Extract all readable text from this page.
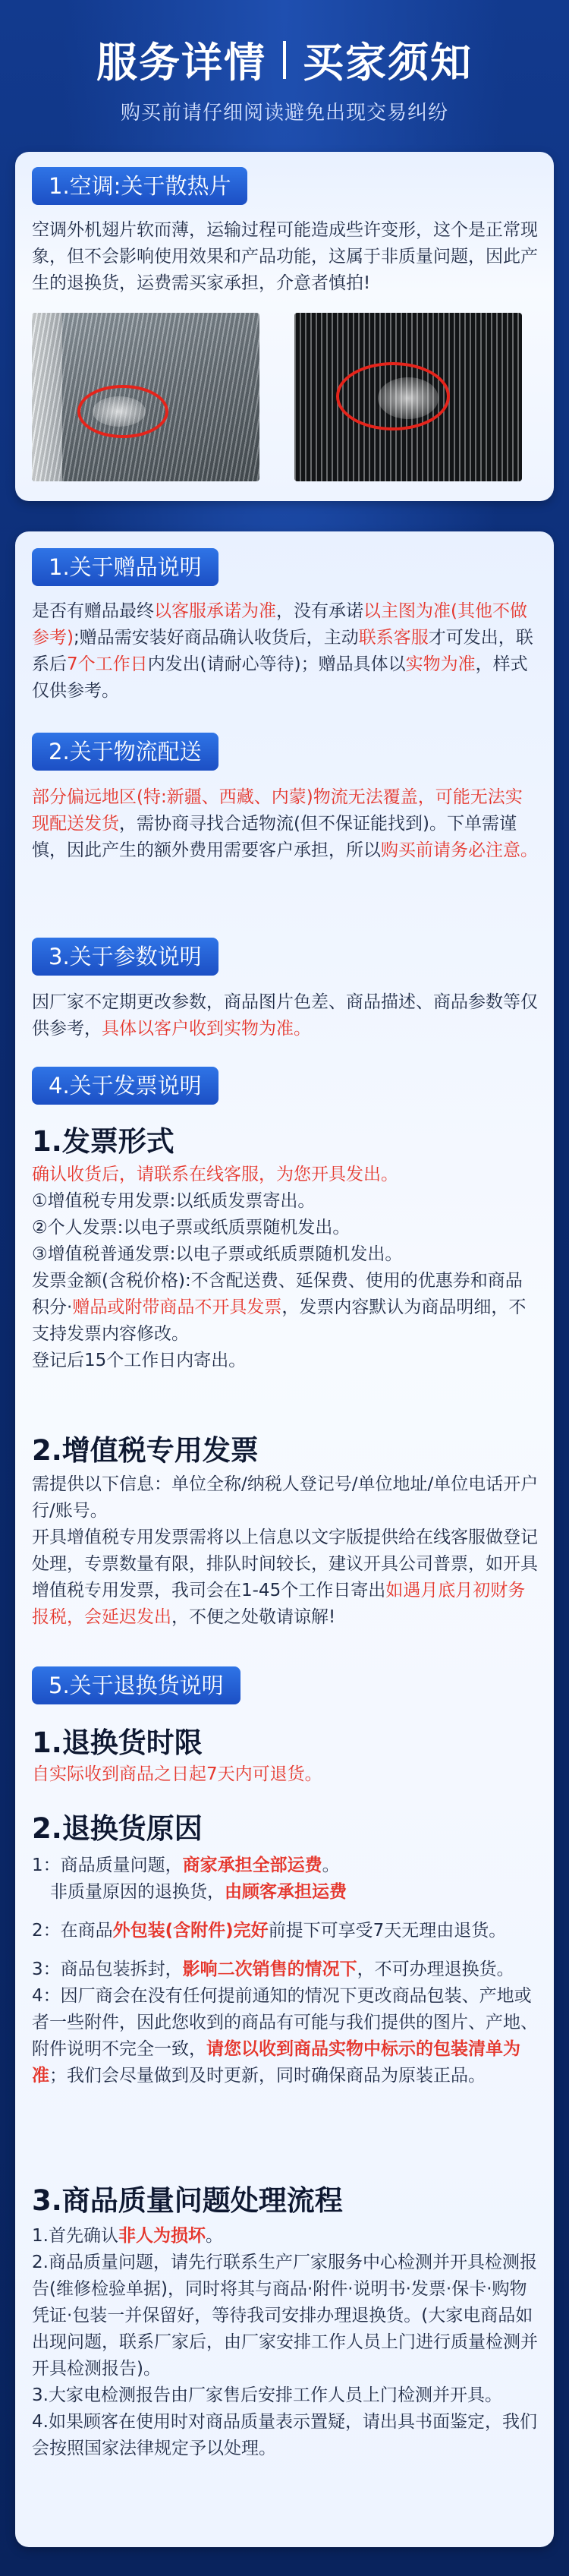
服务详情 买家须知
购买前请仔细阅读避免出现交易纠纷
1.空调:关于散热片
空调外机翅片软而薄，运输过程可能造成些许变形，这个是正常现象，但不会影响使用效果和产品功能，这属于非质量问题，因此产生的退换货，运费需买家承担，介意者慎拍!
1.关于赠品说明
是否有赠品最终以客服承诺为准，没有承诺以主图为准(其他不做参考);赠品需安装好商品确认收货后，主动联系客服才可发出，联系后7个工作日内发出(请耐心等待)；赠品具体以实物为准，样式仅供参考。
2.关于物流配送
部分偏远地区(特:新疆、西藏、内蒙)物流无法覆盖，可能无法实现配送发货，需协商寻找合适物流(但不保证能找到)。下单需谨慎，因此产生的额外费用需要客户承担，所以购买前请务必注意。
3.关于参数说明
因厂家不定期更改参数，商品图片色差、商品描述、商品参数等仅供参考，具体以客户收到实物为准。
4.关于发票说明
1.发票形式
确认收货后，请联系在线客服，为您开具发出。
①增值税专用发票:以纸质发票寄出。
②个人发票:以电子票或纸质票随机发出。
③增值税普通发票:以电子票或纸质票随机发出。
发票金额(含税价格):不含配送费、延保费、使用的优惠券和商品积分·赠品或附带商品不开具发票，发票内容默认为商品明细，不支持发票内容修改。
登记后15个工作日内寄出。
2.增值税专用发票
需提供以下信息：单位全称/纳税人登记号/单位地址/单位电话开户行/账号。
开具增值税专用发票需将以上信息以文字版提供给在线客服做登记处理，专票数量有限，排队时间较长，建议开具公司普票，如开具增值税专用发票，我司会在1-45个工作日寄出如遇月底月初财务报税，会延迟发出，不便之处敬请谅解!
5.关于退换货说明
1.退换货时限
自实际收到商品之日起7天内可退货。
2.退换货原因
1：商品质量问题，商家承担全部运费。
非质量原因的退换货，由顾客承担运费
2：在商品外包装(含附件)完好前提下可享受7天无理由退货。
3：商品包装拆封，影响二次销售的情况下，不可办理退换货。
4：因厂商会在没有任何提前通知的情况下更改商品包装、产地或者一些附件，因此您收到的商品有可能与我们提供的图片、产地、附件说明不完全一致，请您以收到商品实物中标示的包装清单为准；我们会尽量做到及时更新，同时确保商品为原装正品。
3.商品质量问题处理流程
1.首先确认非人为损坏。
2.商品质量问题，请先行联系生产厂家服务中心检测并开具检测报告(维修检验单据)，同时将其与商品·附件·说明书·发票·保卡·购物凭证·包装一并保留好，等待我司安排办理退换货。(大家电商品如出现问题，联系厂家后，由厂家安排工作人员上门进行质量检测并开具检测报告)。
3.大家电检测报告由厂家售后安排工作人员上门检测并开具。
4.如果顾客在使用时对商品质量表示置疑，请出具书面鉴定，我们会按照国家法律规定予以处理。
